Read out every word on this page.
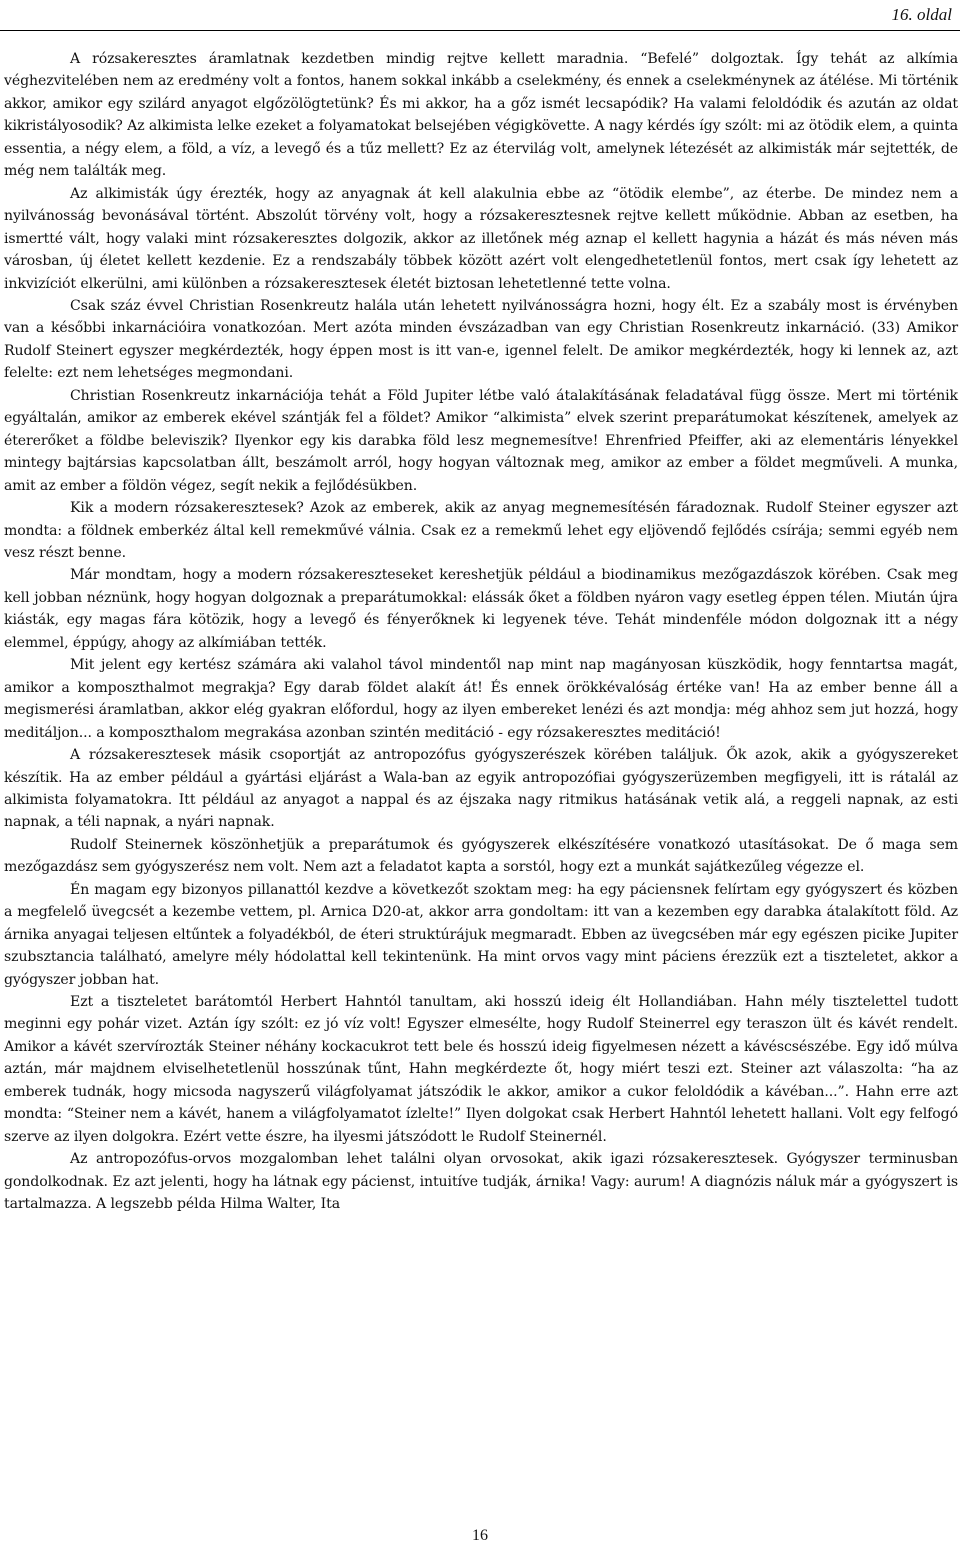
16. oldal

A rózsakeresztes áramlatnak kezdetben mindig rejtve kellett maradnia. “Befelé” dolgoztak. Így tehát az alkímia véghezvitelében nem az eredmény volt a fontos, hanem sokkal inkább a cselekmény, és ennek a cselekménynek az átélése. Mi történik akkor, amikor egy szilárd anyagot elgőzölögtetünk? És mi akkor, ha a gőz ismét lecsapódik? Ha valami feloldódik és azután az oldat kikristályosodik? Az alkimista lelke ezeket a folyamatokat belsejében végigkövette. A nagy kérdés így szólt: mi az ötödik elem, a quinta essentia, a négy elem, a föld, a víz, a levegő és a tűz mellett? Ez az étervilág volt, amelynek létezését az alkimisták már sejtették, de még nem találták meg.

Az alkimisták úgy érezték, hogy az anyagnak át kell alakulnia ebbe az “ötödik elembe”, az éterbe. De mindez nem a nyilvánosság bevonásával történt. Abszolút törvény volt, hogy a rózsakeresztesnek rejtve kellett működnie. Abban az esetben, ha ismertté vált, hogy valaki mint rózsakeresztes dolgozik, akkor az illetőnek még aznap el kellett hagynia a házát és más néven más városban, új életet kellett kezdenie. Ez a rendszabály többek között azért volt elengedhetetlenül fontos, mert csak így lehetett az inkvizíciót elkerülni, ami különben a rózsakeresztesek életét biztosan lehetetlenné tette volna.

Csak száz évvel Christian Rosenkreutz halála után lehetett nyilvánosságra hozni, hogy élt. Ez a szabály most is érvényben van a későbbi inkarnációira vonatkozóan. Mert azóta minden évszázadban van egy Christian Rosenkreutz inkarnáció. (33) Amikor Rudolf Steinert egyszer megkérdezték, hogy éppen most is itt van-e, igennel felelt. De amikor megkérdezték, hogy ki lennek az, azt felelte: ezt nem lehetséges megmondani.

Christian Rosenkreutz inkarnációja tehát a Föld Jupiter létbe való átalakításának feladatával függ össze. Mert mi történik egyáltalán, amikor az emberek ekével szántják fel a földet? Amikor “alkimista” elvek szerint preparátumokat készítenek, amelyek az étererőket a földbe beleviszik? Ilyenkor egy kis darabka föld lesz megnemesítve! Ehrenfried Pfeiffer, aki az elementáris lényekkel mintegy bajtársias kapcsolatban állt, beszámolt arról, hogy hogyan változnak meg, amikor az ember a földet megműveli. A munka, amit az ember a földön végez, segít nekik a fejlődésükben.

Kik a modern rózsakeresztesek? Azok az emberek, akik az anyag megnemesítésén fáradoznak. Rudolf Steiner egyszer azt mondta: a földnek emberkéz által kell remekművé válnia. Csak ez a remekmű lehet egy eljövendő fejlődés csírája; semmi egyéb nem vesz részt benne.

Már mondtam, hogy a modern rózsakereszteseket kereshetjük például a biodinamikus mezőgazdászok körében. Csak meg kell jobban néznünk, hogy hogyan dolgoznak a preparátumokkal: elássák őket a földben nyáron vagy esetleg éppen télen. Miután újra kiásták, egy magas fára kötözik, hogy a levegő és fényerőknek ki legyenek téve. Tehát mindenféle módon dolgoznak itt a négy elemmel, éppúgy, ahogy az alkímiában tették.

Mit jelent egy kertész számára aki valahol távol mindentől nap mint nap magányosan küszködik, hogy fenntartsa magát, amikor a komposzthalmot megrakja? Egy darab földet alakít át! És ennek örökkévalóság értéke van! Ha az ember benne áll a megismerési áramlatban, akkor elég gyakran előfordul, hogy az ilyen embereket lenézi és azt mondja: még ahhoz sem jut hozzá, hogy meditáljon... a komposzthalom megrakása azonban szintén meditáció - egy rózsakeresztes meditáció!

A rózsakeresztesek másik csoportját az antropozófus gyógyszerészek körében találjuk. Ők azok, akik a gyógyszereket készítik. Ha az ember például a gyártási eljárást a Wala-ban az egyik antropozófiai gyógyszerüzemben megfigyeli, itt is rátalál az alkimista folyamatokra. Itt például az anyagot a nappal és az éjszaka nagy ritmikus hatásának vetik alá, a reggeli napnak, az esti napnak, a téli napnak, a nyári napnak.

Rudolf Steinernek köszönhetjük a preparátumok és gyógyszerek elkészítésére vonatkozó utasításokat. De ő maga sem mezőgazdász sem gyógyszerész nem volt. Nem azt a feladatot kapta a sorstól, hogy ezt a munkát sajátkezűleg végezze el.

Én magam egy bizonyos pillanattól kezdve a következőt szoktam meg: ha egy páciensnek felírtam egy gyógyszert és közben a megfelelő üvegcsét a kezembe vettem, pl. Arnica D20-at, akkor arra gondoltam: itt van a kezemben egy darabka átalakított föld. Az árnika anyagai teljesen eltűntek a folyadékból, de éteri struktúrájuk megmaradt. Ebben az üvegcsében már egy egészen picike Jupiter szubsztancia található, amelyre mély hódolattal kell tekintenünk. Ha mint orvos vagy mint páciens érezzük ezt a tiszteletet, akkor a gyógyszer jobban hat.

Ezt a tiszteletet barátomtól Herbert Hahntól tanultam, aki hosszú ideig élt Hollandiában. Hahn mély tisztelettel tudott meginni egy pohár vizet. Aztán így szólt: ez jó víz volt! Egyszer elmesélte, hogy Rudolf Steinerrel egy teraszon ült és kávét rendelt. Amikor a kávét szervírozták Steiner néhány kockacukrot tett bele és hosszú ideig figyelmesen nézett a kávéscsészébe. Egy idő múlva aztán, már majdnem elviselhetetlenül hosszúnak tűnt, Hahn megkérdezte őt, hogy miért teszi ezt. Steiner azt válaszolta: “ha az emberek tudnák, hogy micsoda nagyszerű világfolyamat játszódik le akkor, amikor a cukor feloldódik a kávéban...”. Hahn erre azt mondta: “Steiner nem a kávét, hanem a világfolyamatot ízlelte!” Ilyen dolgokat csak Herbert Hahntól lehetett hallani. Volt egy felfogó szerve az ilyen dolgokra. Ezért vette észre, ha ilyesmi játszódott le Rudolf Steinernél.

Az antropozófus-orvos mozgalomban lehet találni olyan orvosokat, akik igazi rózsakeresztesek. Gyógyszer terminusban gondolkodnak. Ez azt jelenti, hogy ha látnak egy pácienst, intuitíve tudják, árnika! Vagy: aurum! A diagnózis náluk már a gyógyszert is tartalmazza. A legszebb példa Hilma Walter, Ita

16
